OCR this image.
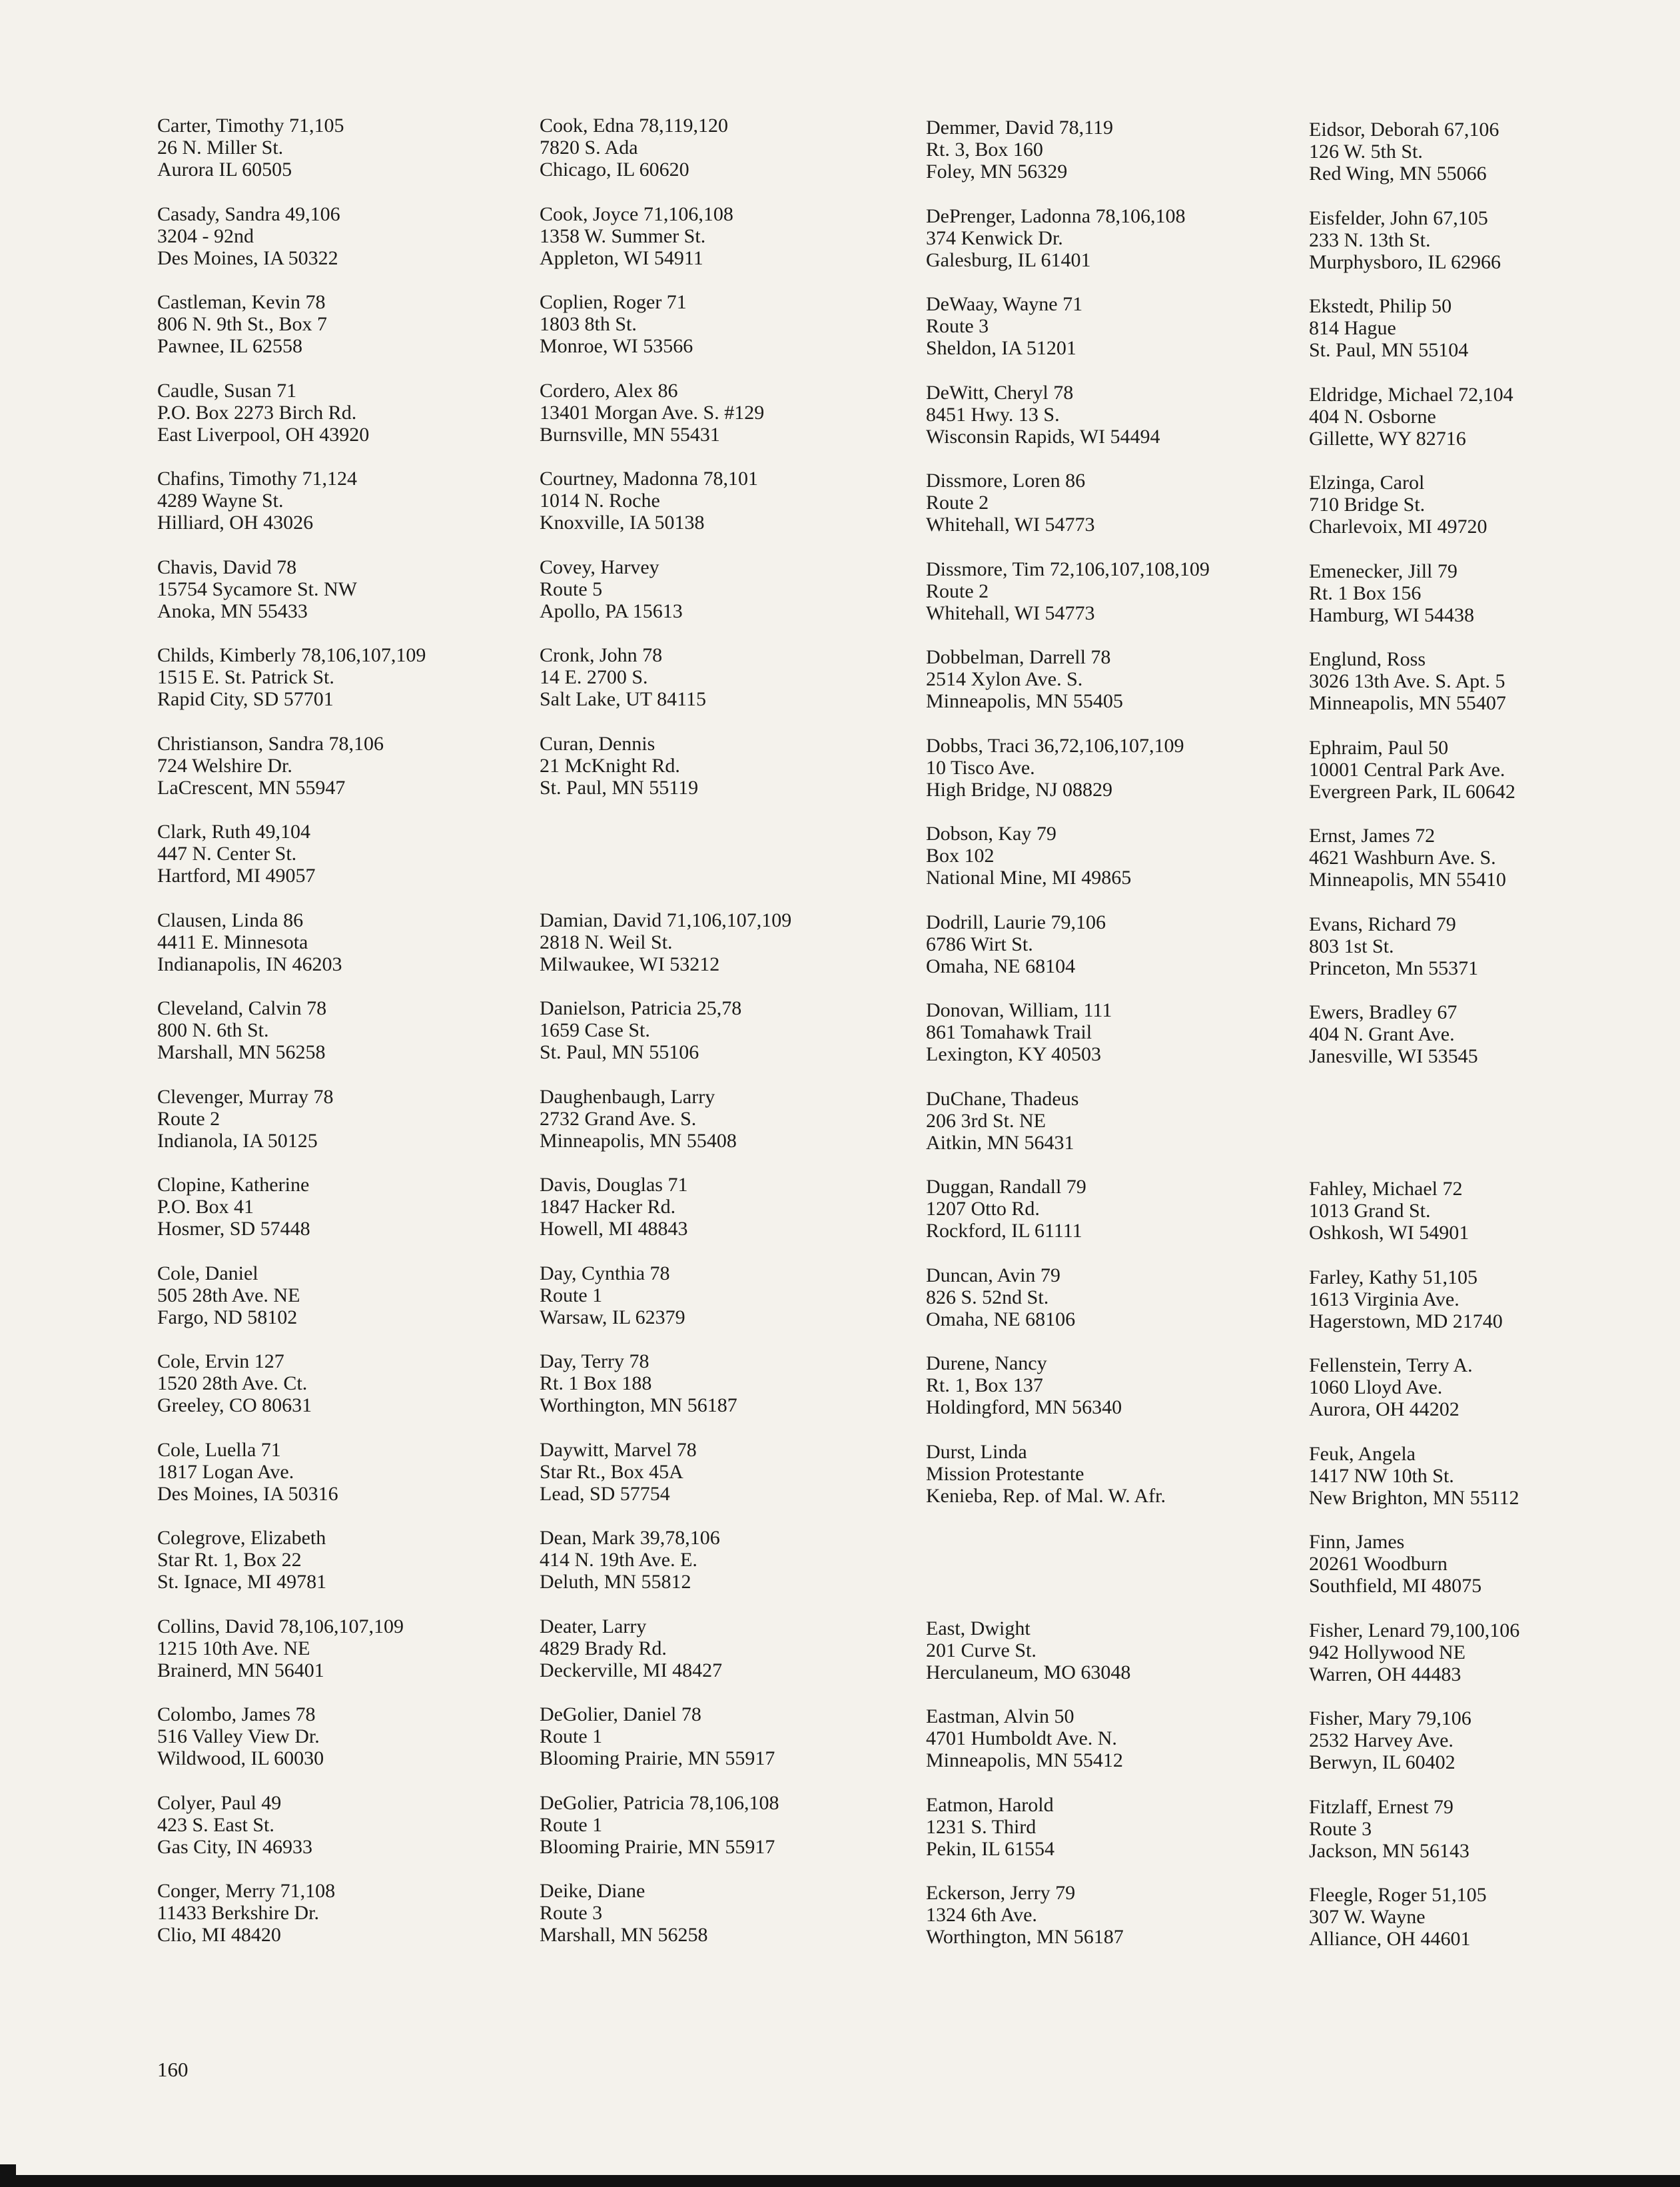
Carter, Timothy 71,105
26 N. Miller St.
Aurora IL 60505
Casady, Sandra 49,106
3204 - 92nd
Des Moines, IA 50322
Castleman, Kevin 78
806 N. 9th St., Box 7
Pawnee, IL 62558
Caudle, Susan 71
P.O. Box 2273 Birch Rd.
East Liverpool, OH 43920
Chafins, Timothy 71,124
4289 Wayne St.
Hilliard, OH 43026
Chavis, David 78
15754 Sycamore St. NW
Anoka, MN 55433
Childs, Kimberly 78,106,107,109
1515 E. St. Patrick St.
Rapid City, SD 57701
Christianson, Sandra 78,106
724 Welshire Dr.
LaCrescent, MN 55947
Clark, Ruth 49,104
447 N. Center St.
Hartford, MI 49057
Clausen, Linda 86
4411 E. Minnesota
Indianapolis, IN 46203
Cleveland, Calvin 78
800 N. 6th St.
Marshall, MN 56258
Clevenger, Murray 78
Route 2
Indianola, IA 50125
Clopine, Katherine
P.O. Box 41
Hosmer, SD 57448
Cole, Daniel
505 28th Ave. NE
Fargo, ND 58102
Cole, Ervin 127
1520 28th Ave. Ct.
Greeley, CO 80631
Cole, Luella 71
1817 Logan Ave.
Des Moines, IA 50316
Colegrove, Elizabeth
Star Rt. 1, Box 22
St. Ignace, MI 49781
Collins, David 78,106,107,109
1215 10th Ave. NE
Brainerd, MN 56401
Colombo, James 78
516 Valley View Dr.
Wildwood, IL 60030
Colyer, Paul 49
423 S. East St.
Gas City, IN 46933
Conger, Merry 71,108
11433 Berkshire Dr.
Clio, MI 48420
Cook, Edna 78,119,120
7820 S. Ada
Chicago, IL 60620
Cook, Joyce 71,106,108
1358 W. Summer St.
Appleton, WI 54911
Coplien, Roger 71
1803 8th St.
Monroe, WI 53566
Cordero, Alex 86
13401 Morgan Ave. S. #129
Burnsville, MN 55431
Courtney, Madonna 78,101
1014 N. Roche
Knoxville, IA 50138
Covey, Harvey
Route 5
Apollo, PA 15613
Cronk, John 78
14 E. 2700 S.
Salt Lake, UT 84115
Curan, Dennis
21 McKnight Rd.
St. Paul, MN 55119
Damian, David 71,106,107,109
2818 N. Weil St.
Milwaukee, WI 53212
Danielson, Patricia 25,78
1659 Case St.
St. Paul, MN 55106
Daughenbaugh, Larry
2732 Grand Ave. S.
Minneapolis, MN 55408
Davis, Douglas 71
1847 Hacker Rd.
Howell, MI 48843
Day, Cynthia 78
Route 1
Warsaw, IL 62379
Day, Terry 78
Rt. 1 Box 188
Worthington, MN 56187
Daywitt, Marvel 78
Star Rt., Box 45A
Lead, SD 57754
Dean, Mark 39,78,106
414 N. 19th Ave. E.
Deluth, MN 55812
Deater, Larry
4829 Brady Rd.
Deckerville, MI 48427
DeGolier, Daniel 78
Route 1
Blooming Prairie, MN 55917
DeGolier, Patricia 78,106,108
Route 1
Blooming Prairie, MN 55917
Deike, Diane
Route 3
Marshall, MN 56258
Demmer, David 78,119
Rt. 3, Box 160
Foley, MN 56329
DePrenger, Ladonna 78,106,108
374 Kenwick Dr.
Galesburg, IL 61401
DeWaay, Wayne 71
Route 3
Sheldon, IA 51201
DeWitt, Cheryl 78
8451 Hwy. 13 S.
Wisconsin Rapids, WI 54494
Dissmore, Loren 86
Route 2
Whitehall, WI 54773
Dissmore, Tim 72,106,107,108,109
Route 2
Whitehall, WI 54773
Dobbelman, Darrell 78
2514 Xylon Ave. S.
Minneapolis, MN 55405
Dobbs, Traci 36,72,106,107,109
10 Tisco Ave.
High Bridge, NJ 08829
Dobson, Kay 79
Box 102
National Mine, MI 49865
Dodrill, Laurie 79,106
6786 Wirt St.
Omaha, NE 68104
Donovan, William, 111
861 Tomahawk Trail
Lexington, KY 40503
DuChane, Thadeus
206 3rd St. NE
Aitkin, MN 56431
Duggan, Randall 79
1207 Otto Rd.
Rockford, IL 61111
Duncan, Avin 79
826 S. 52nd St.
Omaha, NE 68106
Durene, Nancy
Rt. 1, Box 137
Holdingford, MN 56340
Durst, Linda
Mission Protestante
Kenieba, Rep. of Mal. W. Afr.
East, Dwight
201 Curve St.
Herculaneum, MO 63048
Eastman, Alvin 50
4701 Humboldt Ave. N.
Minneapolis, MN 55412
Eatmon, Harold
1231 S. Third
Pekin, IL 61554
Eckerson, Jerry 79
1324 6th Ave.
Worthington, MN 56187
Eidsor, Deborah 67,106
126 W. 5th St.
Red Wing, MN 55066
Eisfelder, John 67,105
233 N. 13th St.
Murphysboro, IL 62966
Ekstedt, Philip 50
814 Hague
St. Paul, MN 55104
Eldridge, Michael 72,104
404 N. Osborne
Gillette, WY 82716
Elzinga, Carol
710 Bridge St.
Charlevoix, MI 49720
Emenecker, Jill 79
Rt. 1 Box 156
Hamburg, WI 54438
Englund, Ross
3026 13th Ave. S. Apt. 5
Minneapolis, MN 55407
Ephraim, Paul 50
10001 Central Park Ave.
Evergreen Park, IL 60642
Ernst, James 72
4621 Washburn Ave. S.
Minneapolis, MN 55410
Evans, Richard 79
803 1st St.
Princeton, Mn 55371
Ewers, Bradley 67
404 N. Grant Ave.
Janesville, WI 53545
Fahley, Michael 72
1013 Grand St.
Oshkosh, WI 54901
Farley, Kathy 51,105
1613 Virginia Ave.
Hagerstown, MD 21740
Fellenstein, Terry A.
1060 Lloyd Ave.
Aurora, OH 44202
Feuk, Angela
1417 NW 10th St.
New Brighton, MN 55112
Finn, James
20261 Woodburn
Southfield, MI 48075
Fisher, Lenard 79,100,106
942 Hollywood NE
Warren, OH 44483
Fisher, Mary 79,106
2532 Harvey Ave.
Berwyn, IL 60402
Fitzlaff, Ernest 79
Route 3
Jackson, MN 56143
Fleegle, Roger 51,105
307 W. Wayne
Alliance, OH 44601
160
